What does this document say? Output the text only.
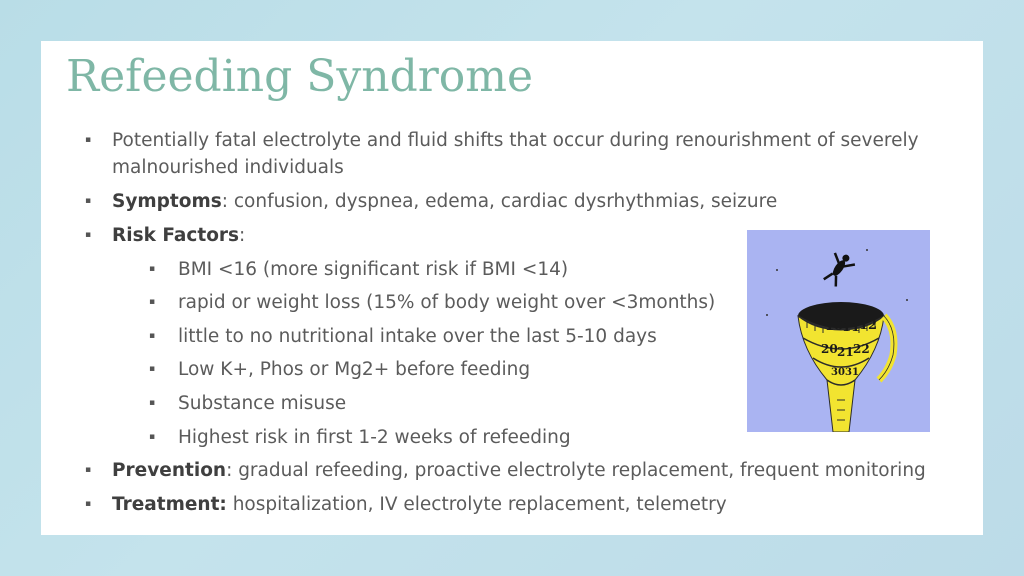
Refeeding Syndrome
▪ Potentially fatal electrolyte and fluid shifts that occur during renourishment of severely malnourished individuals
▪ Symptoms: confusion, dyspnea, edema, cardiac dysrhythmias, seizure
▪ Risk Factors:
▪ BMI <16 (more significant risk if BMI <14)
▪ rapid or weight loss (15% of body weight over <3months)
▪ little to no nutritional intake over the last 5-10 days
▪ Low K+, Phos or Mg2+ before feeding
▪ Substance misuse
▪ Highest risk in first 1-2 weeks of refeeding
▪ Prevention: gradual refeeding, proactive electrolyte replacement, frequent monitoring
▪ Treatment: hospitalization, IV electrolyte replacement, telemetry
10
11
12
20 21 22
30 31
